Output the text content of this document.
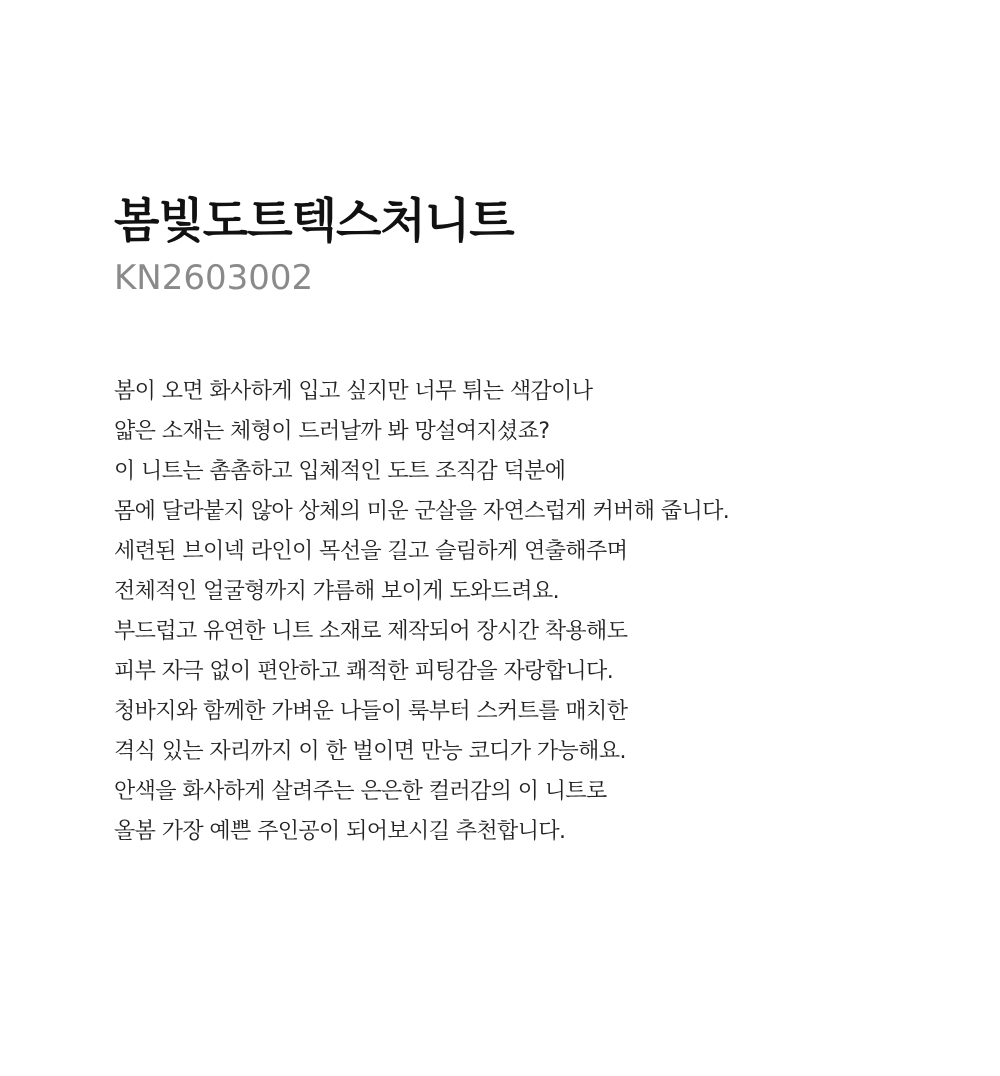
봄빛도트텍스처니트

KN2603002

봄이 오면 화사하게 입고 싶지만 너무 튀는 색감이나
얇은 소재는 체형이 드러날까 봐 망설여지셨죠?
이 니트는 촘촘하고 입체적인 도트 조직감 덕분에
몸에 달라붙지 않아 상체의 미운 군살을 자연스럽게 커버해 줍니다.
세련된 브이넥 라인이 목선을 길고 슬림하게 연출해주며
전체적인 얼굴형까지 갸름해 보이게 도와드려요.
부드럽고 유연한 니트 소재로 제작되어 장시간 착용해도
피부 자극 없이 편안하고 쾌적한 피팅감을 자랑합니다.
청바지와 함께한 가벼운 나들이 룩부터 스커트를 매치한
격식 있는 자리까지 이 한 벌이면 만능 코디가 가능해요.
안색을 화사하게 살려주는 은은한 컬러감의 이 니트로
올봄 가장 예쁜 주인공이 되어보시길 추천합니다.
